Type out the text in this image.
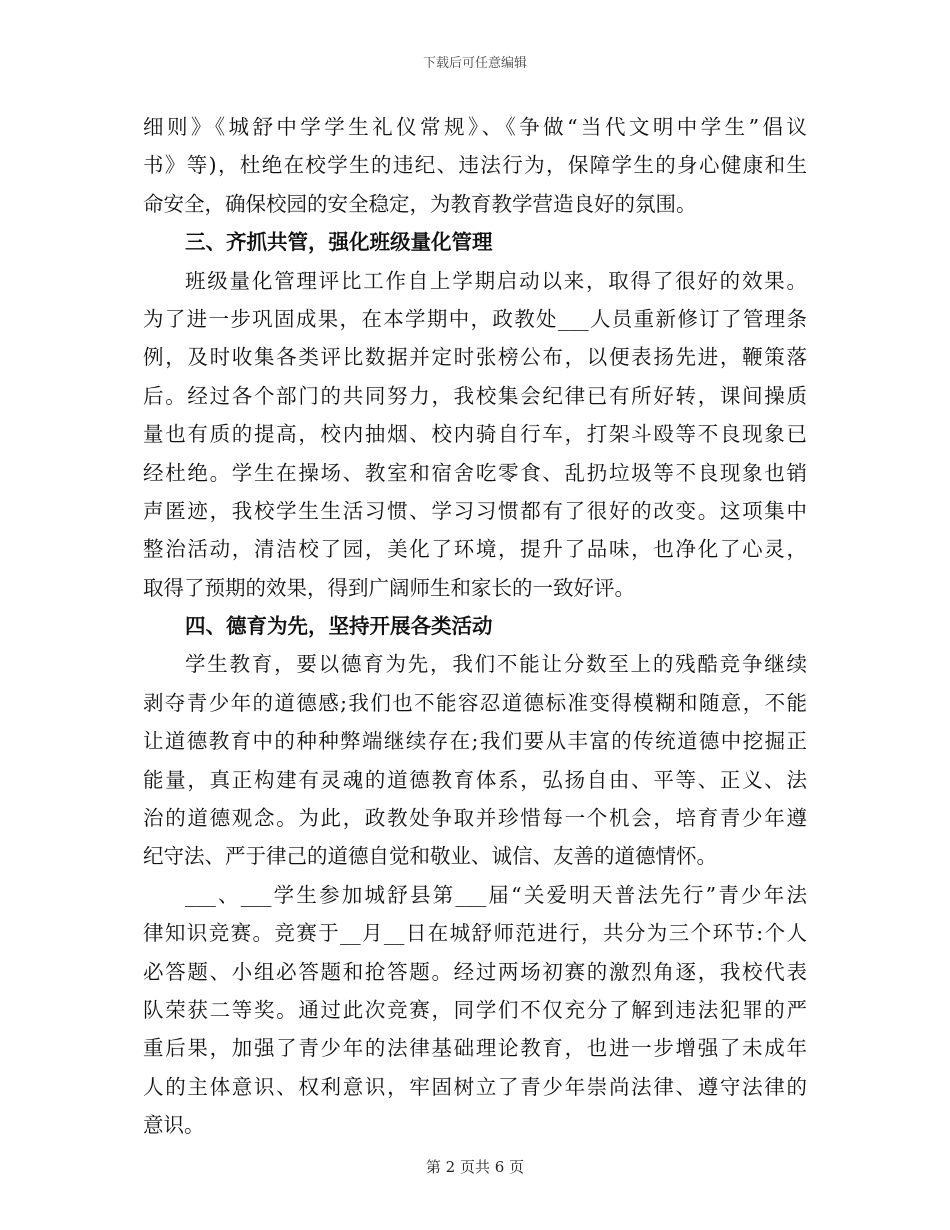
下载后可任意编辑
细则》《城舒中学学生礼仪常规》、《争做“当代文明中学生”倡议
书》等)，杜绝在校学生的违纪、违法行为，保障学生的身心健康和生
命安全，确保校园的安全稳定，为教育教学营造良好的氛围。
三、齐抓共管，强化班级量化管理
班级量化管理评比工作自上学期启动以来，取得了很好的效果。
为了进一步巩固成果，在本学期中，政教处___人员重新修订了管理条
例，及时收集各类评比数据并定时张榜公布，以便表扬先进，鞭策落
后。经过各个部门的共同努力，我校集会纪律已有所好转，课间操质
量也有质的提高，校内抽烟、校内骑自行车，打架斗殴等不良现象已
经杜绝。学生在操场、教室和宿舍吃零食、乱扔垃圾等不良现象也销
声匿迹，我校学生生活习惯、学习习惯都有了很好的改变。这项集中
整治活动，清洁校了园，美化了环境，提升了品味，也净化了心灵，
取得了预期的效果，得到广阔师生和家长的一致好评。
四、德育为先，坚持开展各类活动
学生教育，要以德育为先，我们不能让分数至上的残酷竞争继续
剥夺青少年的道德感;我们也不能容忍道德标准变得模糊和随意，不能
让道德教育中的种种弊端继续存在;我们要从丰富的传统道德中挖掘正
能量，真正构建有灵魂的道德教育体系，弘扬自由、平等、正义、法
治的道德观念。为此，政教处争取并珍惜每一个机会，培育青少年遵
纪守法、严于律己的道德自觉和敬业、诚信、友善的道德情怀。
___、___学生参加城舒县第___届“关爱明天普法先行”青少年法
律知识竞赛。竞赛于__月__日在城舒师范进行，共分为三个环节:个人
必答题、小组必答题和抢答题。经过两场初赛的激烈角逐，我校代表
队荣获二等奖。通过此次竞赛，同学们不仅充分了解到违法犯罪的严
重后果，加强了青少年的法律基础理论教育，也进一步增强了未成年
人的主体意识、权利意识，牢固树立了青少年崇尚法律、遵守法律的
意识。
第 2 页共 6 页
